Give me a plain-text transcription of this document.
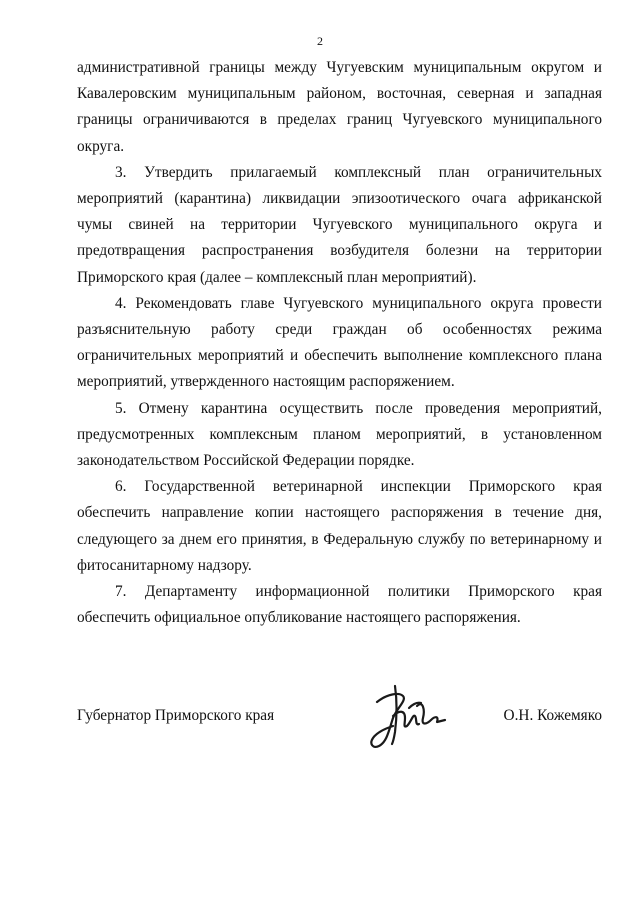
2

административной границы между Чугуевским муниципальным округом и Кавалеровским муниципальным районом, восточная, северная и западная границы ограничиваются в пределах границ Чугуевского муниципального округа.

3. Утвердить прилагаемый комплексный план ограничительных мероприятий (карантина) ликвидации эпизоотического очага африканской чумы свиней на территории Чугуевского муниципального округа и предотвращения распространения возбудителя болезни на территории Приморского края (далее – комплексный план мероприятий).

4. Рекомендовать главе Чугуевского муниципального округа провести разъяснительную работу среди граждан об особенностях режима ограничительных мероприятий и обеспечить выполнение комплексного плана мероприятий, утвержденного настоящим распоряжением.

5. Отмену карантина осуществить после проведения мероприятий, предусмотренных комплексным планом мероприятий, в установленном законодательством Российской Федерации порядке.

6. Государственной ветеринарной инспекции Приморского края обеспечить направление копии настоящего распоряжения в течение дня, следующего за днем его принятия, в Федеральную службу по ветеринарному и фитосанитарному надзору.

7. Департаменту информационной политики Приморского края обеспечить официальное опубликование настоящего распоряжения.

Губернатор Приморского края	О.Н. Кожемяко
